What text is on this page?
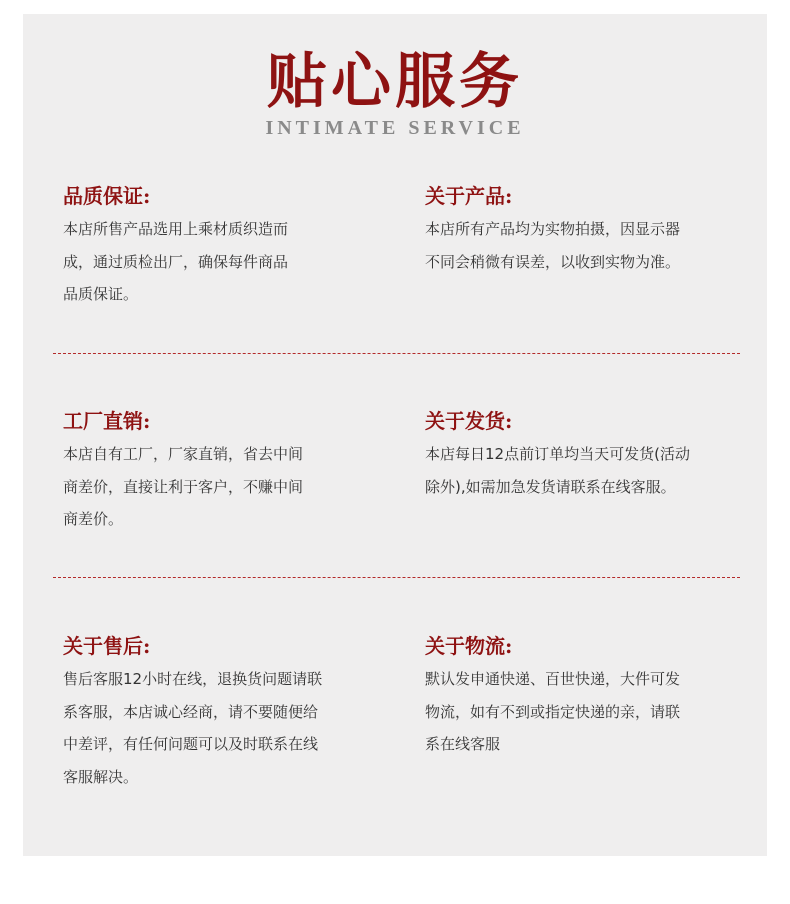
贴心服务
INTIMATE SERVICE
品质保证:

本店所售产品选用上乘材质织造而
成，通过质检出厂，确保每件商品
品质保证。

关于产品:

本店所有产品均为实物拍摄，因显示器
不同会稍微有误差，以收到实物为准。

工厂直销:

本店自有工厂，厂家直销，省去中间
商差价，直接让利于客户，不赚中间
商差价。

关于发货:

本店每日12点前订单均当天可发货(活动
除外),如需加急发货请联系在线客服。

关于售后:

售后客服12小时在线，退换货问题请联
系客服，本店诚心经商，请不要随便给
中差评，有任何问题可以及时联系在线
客服解决。

关于物流:

默认发申通快递、百世快递，大件可发
物流，如有不到或指定快递的亲，请联
系在线客服
